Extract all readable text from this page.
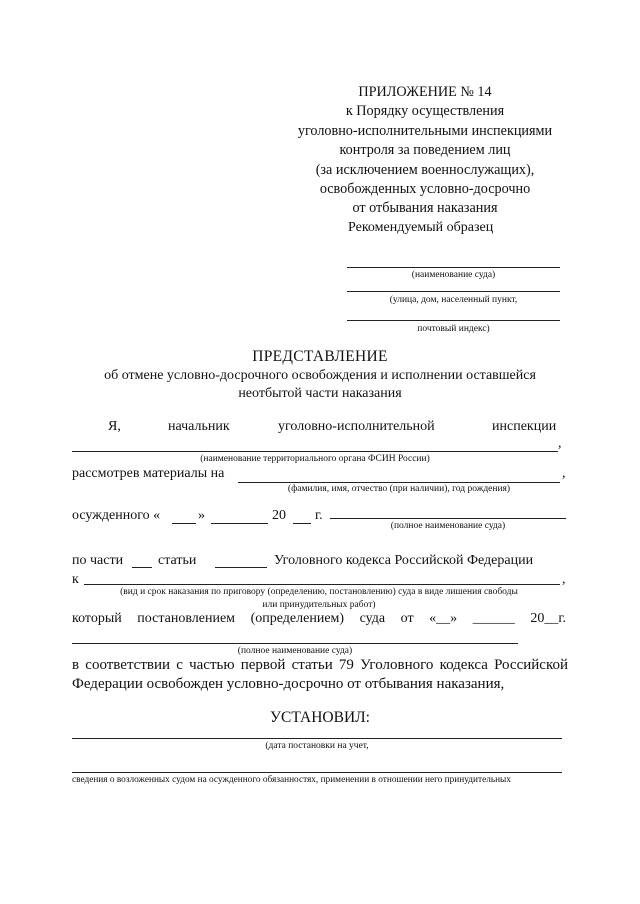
ПРИЛОЖЕНИЕ № 14
к Порядку осуществления
уголовно-исполнительными инспекциями
контроля за поведением лиц
(за исключением военнослужащих),
освобожденных условно-досрочно
от отбывания наказания
Рекомендуемый образец
(наименование суда)
(улица, дом, населенный пункт,
почтовый индекс)
ПРЕДСТАВЛЕНИЕ
об отмене условно-досрочного освобождения и исполнении оставшейся
неотбытой части наказания
Я,	начальник	уголовно-исполнительной	инспекции
,
(наименование территориального органа ФСИН России)
рассмотрев материалы на	,
(фамилия, имя, отчество (при наличии), год рождения)
осужденного «	»	20 г.
(полное наименование суда)
по части статьи	Уголовного кодекса Российской Федерации
к	,
(вид и срок наказания по приговору (определению, постановлению) суда в виде лишения свободы
или принудительных работ)
который постановлением (определением) суда от «__» ______ 20__г.
(полное наименование суда)
в соответствии с частью первой статьи 79 Уголовного кодекса Российской
Федерации освобожден условно-досрочно от отбывания наказания,
УСТАНОВИЛ:
(дата постановки на учет,
сведения о возложенных судом на осужденного обязанностях, применении в отношении него принудительных
